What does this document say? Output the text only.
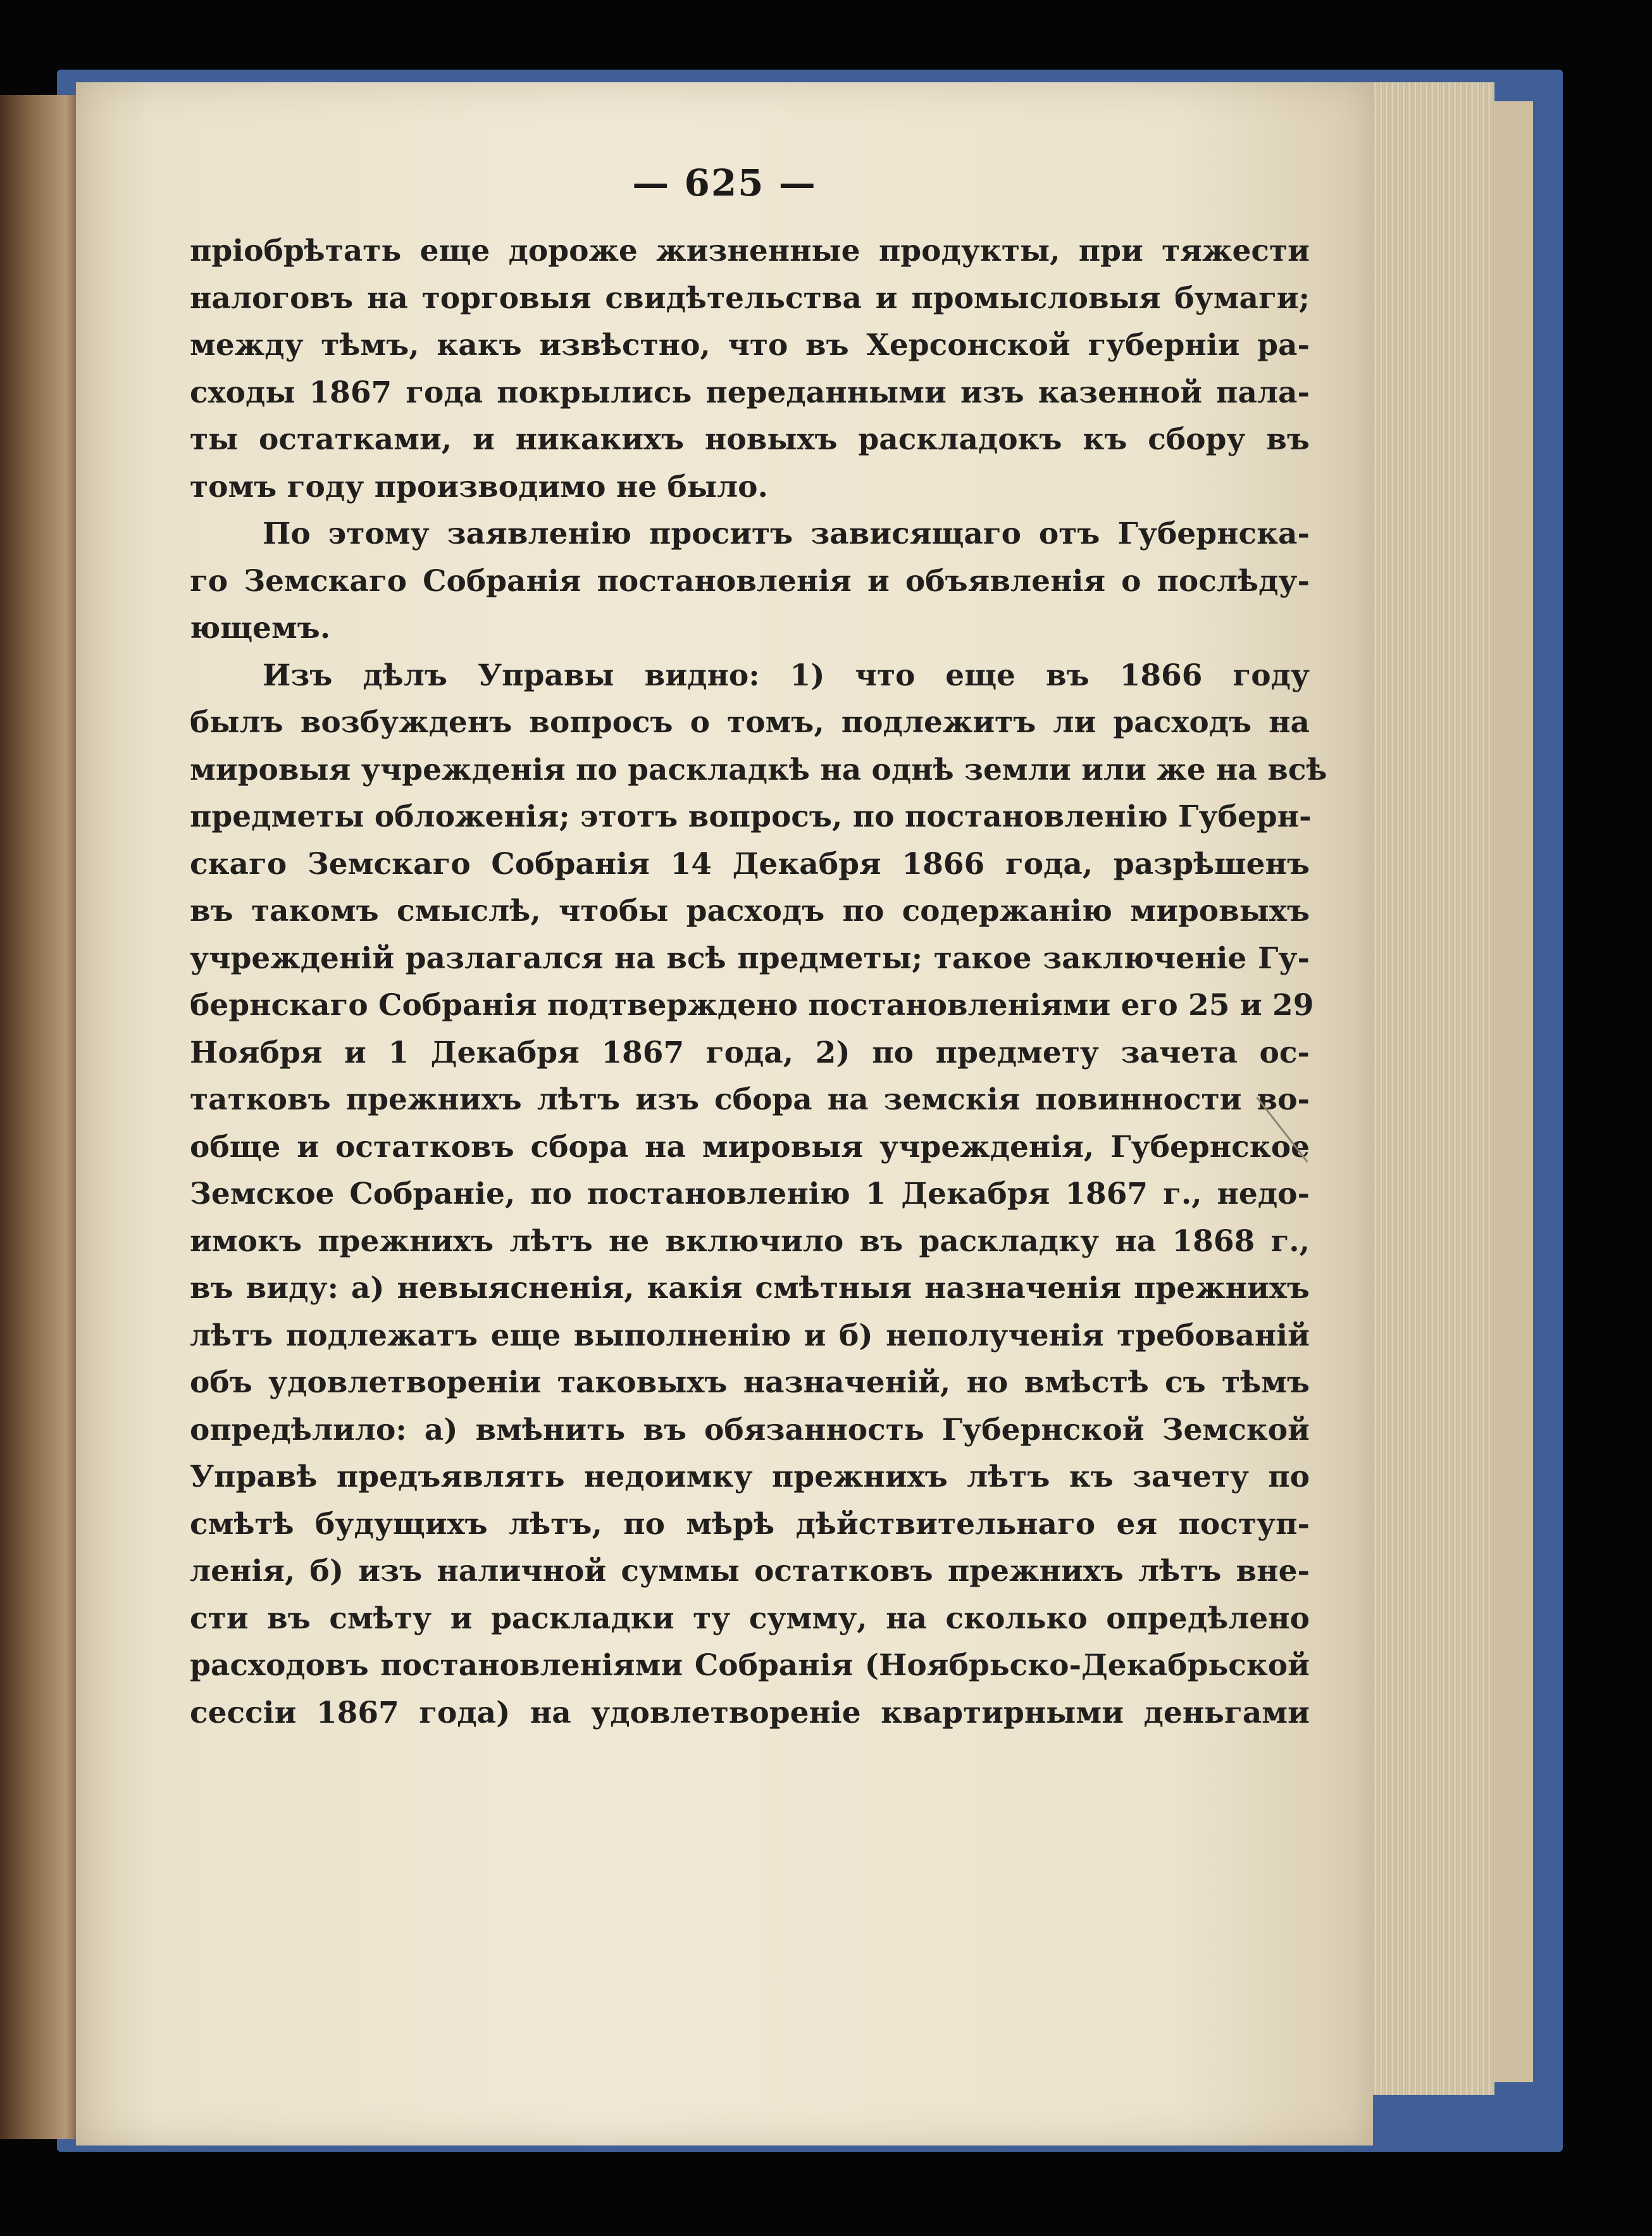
— 625 —
пріобрѣтать еще дороже жизненные продукты, при тяжести
налоговъ на торговыя свидѣтельства и промысловыя бумаги;
между тѣмъ, какъ извѣстно, что въ Херсонской губерніи ра-
сходы 1867 года покрылись переданными изъ казенной пала-
ты остатками, и никакихъ новыхъ раскладокъ къ сбору въ
томъ году производимо не было.
По этому заявленію проситъ зависящаго отъ Губернска-
го Земскаго Собранія постановленія и объявленія о послѣду-
ющемъ.
Изъ дѣлъ Управы видно: 1) что еще въ 1866 году
былъ возбужденъ вопросъ о томъ, подлежитъ ли расходъ на
мировыя учрежденія по раскладкѣ на однѣ земли или же на всѣ
предметы обложенія; этотъ вопросъ, по постановленію Губерн-
скаго Земскаго Собранія 14 Декабря 1866 года, разрѣшенъ
въ такомъ смыслѣ, чтобы расходъ по содержанію мировыхъ
учрежденій разлагался на всѣ предметы; такое заключеніе Гу-
бернскаго Собранія подтверждено постановленіями его 25 и 29
Ноября и 1 Декабря 1867 года, 2) по предмету зачета ос-
татковъ прежнихъ лѣтъ изъ сбора на земскія повинности во-
обще и остатковъ сбора на мировыя учрежденія, Губернское
Земское Собраніе, по постановленію 1 Декабря 1867 г., недо-
имокъ прежнихъ лѣтъ не включило въ раскладку на 1868 г.,
въ виду: а) невыясненія, какія смѣтныя назначенія прежнихъ
лѣтъ подлежатъ еще выполненію и б) неполученія требованій
объ удовлетвореніи таковыхъ назначеній, но вмѣстѣ съ тѣмъ
опредѣлило: а) вмѣнить въ обязанность Губернской Земской
Управѣ предъявлять недоимку прежнихъ лѣтъ къ зачету по
смѣтѣ будущихъ лѣтъ, по мѣрѣ дѣйствительнаго ея поступ-
ленія, б) изъ наличной суммы остатковъ прежнихъ лѣтъ вне-
сти въ смѣту и раскладки ту сумму, на сколько опредѣлено
расходовъ постановленіями Собранія (Ноябрьско-Декабрьской
сессіи 1867 года) на удовлетвореніе квартирными деньгами
